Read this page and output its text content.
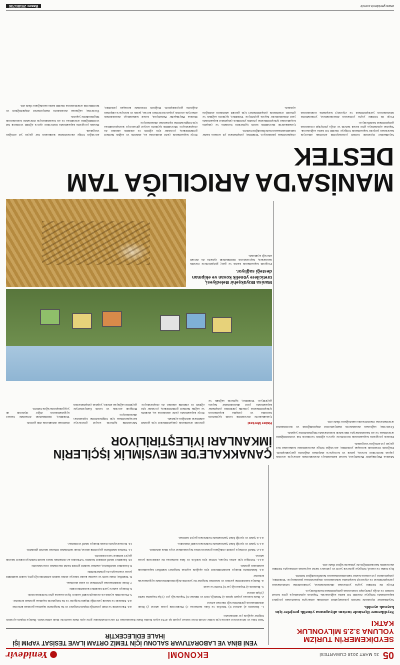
05
31 MART 2018 CUMARTESİ
EKONOMİ
Yenidevir
SEYDİKEMER'İN TURİZM YOLUNA 3.2.5 MİLYONLUK KATKI
Seydikemer ilçesinde turizm altyapısına yönelik projeler için kaynak ayrıldı.

Seydikemer ilçesinde turizm potansiyelini artırmak amacıyla hazırlanan projeler kapsamında bölgeye önemli bir katkı sağlanacak. Yapılan açıklamaya göre kırsal turizm ve doğa yürüyüşü rotalarının geliştirilmesi hedefleniyor.

Proje ile birlikte yayla yollarının düzenlenmesi, yönlendirme tabelalarının yerleştirilmesi ve ziyaretçi karşılama noktalarının oluşturulması planlanıyor. Yetkililer, çalışmaların yıl sonuna kadar tamamlanmasının hedeflendiğini belirtti.

İlçe halkı ve esnaf, bölgeye gelecek yerli ve yabancı turist sayısının artmasıyla birlikte ekonomik hareketliliğin de yükseleceğini ifade etti.

YENİ BİNA VE LABORATUVAR SALONU İÇİN TEMİZ ORTAM İLAVE TESİSAT YAPIM İŞİ İHALE EDİLECEKTİR
Yeni bina ve laboratuvar salonu için temiz ortam ilave tesisat yapım işi 4734 sayılı Kamu İhale Kanununun 19 uncu maddesine göre açık ihale usulü ile ihale edilecektir. İhaleye ilişkin ayrıntılı bilgiler aşağıda yer almaktadır.

1- İdarenin a) Adresi b) Telefon ve faks numarası c) Elektronik posta adresi ç) İhale dokümanının görülebileceği internet adresi

2- İhale konusu yapım işinin a) Niteliği, türü ve miktarı b) Yapılacağı yer c) İşe başlama tarihi ç) İşin süresi

3- İhalenin a) Yapılacağı yer b) Tarihi ve saati

4- İhaleye katılabilme şartları ve istenilen belgeler ile yeterlik değerlendirmesinde uygulanacak kriterler

4.1. İsteklilerin ihaleye katılabilmeleri için aşağıda sayılan belgeleri teklifleri kapsamında sunmaları gerekir.

4.1.1. Tebligat için adres beyanı, irtibat için telefon ve faks numarası ile elektronik posta adresi.

4.1.2. Teklif vermeye yetkili olduğunu gösteren imza beyannamesi veya imza sirküleri.

4.1.3. Şekli ve içeriği İdari Şartnamede belirlenen teklif mektubu.

4.1.4. Şekli ve içeriği İdari Şartnamede belirlenen geçici teminat.

4.2. Ekonomik ve mali yeterliğe ilişkin belgeler ve bu belgelerin taşıması gereken kriterler.

4.3. Mesleki ve teknik yeterliğe ilişkin belgeler ve bu belgelerin taşıması gereken kriterler.

5. Ekonomik açıdan en avantajlı teklif sadece fiyat esasına göre belirlenecektir.

6. İhaleye sadece yerli istekliler katılabilecektir.

7. İhale dokümanının görülmesi ve satın alınması.

8. Teklifler, ihale tarih ve saatine kadar idareye elden teslim edilebileceği gibi, iadeli taahhütlü posta vasıtasıyla da gönderilebilir.

9. İstekliler tekliflerini, anahtar teslimi götürü bedel üzerinden vereceklerdir.

10. İstekliler teklif ettikleri bedelin %3'ünden az olmamak üzere kendi belirleyecekleri tutarda geçici teminat vereceklerdir.

11. Verilen tekliflerin geçerlilik süresi, ihale tarihinden itibaren takvim günüdür.

12. Konsorsiyum olarak ihaleye teklif verilemez.

ÇANAKKALE'DE MEVSİMLİK İŞÇİLERİN İMKANLARI İYİLEŞTİRİLİYOR
Haber Merkezi

Çanakkale'de mevsimlik tarım işçilerinin barınma ve çalışma koşullarının iyileştirilmesine yönelik yürütülen çalışmalar kapsamında yeni düzenlemeler hayata geçiriliyor. Yetkililer, işçilerin sağlıklı ve güvenli ortamlarda çalışabilmeleri için gerekli adımların atıldığını açıkladı.

Proje kapsamında çadır alanlarına su, elektrik ve sağlık hizmeti götürülürken, çocuklar için eğitim ve etkinlik alanları da oluşturuluyor. Mevsimlik işçilerin sosyal güvenceye kavuşturulması için bilgilendirme toplantıları düzenleniyor.

Bölgede arıcılık ve tarım faaliyetleriyle geçimini sağlayan aileler, yapılan çalışmalardan memnun olduklarını dile getirdi.

Yetkililer, önümüzdeki dönemde benzer uygulamaların diğer ilçelerde de yaygınlaştırılacağını belirtti.

Manisa Büyükşehir Belediyesi, kırsal kalkınmayı desteklemek amacıyla arıcılık yapan üreticilere kovan, petek ve koruyucu ekipman dağıtımı gerçekleştirdi. Dağıtım töreninde konuşan yetkililer, arıcılığın bölge ekonomisine katkısının her geçen yıl arttığını vurguladı.

Destek programı kapsamında üreticilere ayrıca eğitim verilerek bal verimliliğinin artırılması ve arı hastalıklarıyla mücadele konularında bilgilendirme yapıldı.

Üreticiler, sağlanan desteklerin maliyetlerini düşürdüğünü ve üretimlerini artırmalarına önemli katkı sunduğunu ifade etti.

Manisa Büyükşehir Belediyesi, üreticilere yönelik kovan ve ekipman desteği sağlıyor.

Program kapsamında kadın ve genç girişimcilere öncelik tanınırken, başvuruların önümüzdeki aylarda da devam edeceği açıklandı.

MANİSA'DA ARICILIĞA TAM DESTEK

Seydikemer ilçesinde turizm potansiyelini artırmak amacıyla hazırlanan projeler kapsamında bölgeye önemli bir katkı sağlanacak. Yapılan açıklamaya göre kırsal turizm ve doğa yürüyüşü rotalarının geliştirilmesi hedefleniyor.

Proje ile birlikte yayla yollarının düzenlenmesi, yönlendirme tabelalarının yerleştirilmesi ve ziyaretçi karşılama noktalarının oluşturulması planlanıyor. Yetkililer, çalışmaların yıl sonuna kadar tamamlanmasının hedeflendiğini belirtti.

Çanakkale'de mevsimlik tarım işçilerinin barınma ve çalışma koşullarının iyileştirilmesine yönelik yürütülen çalışmalar kapsamında yeni düzenlemeler hayata geçiriliyor. Yetkililer, işçilerin sağlıklı ve güvenli ortamlarda çalışabilmeleri için gerekli adımların atıldığını açıkladı.

Proje kapsamında çadır alanlarına su, elektrik ve sağlık hizmeti götürülürken, çocuklar için eğitim ve etkinlik alanları da oluşturuluyor. Mevsimlik işçilerin sosyal güvenceye kavuşturulması için bilgilendirme toplantıları düzenleniyor.

Manisa Büyükşehir Belediyesi, kırsal kalkınmayı desteklemek amacıyla arıcılık yapan üreticilere kovan, petek ve koruyucu ekipman dağıtımı gerçekleştirdi. Dağıtım töreninde konuşan yetkililer, arıcılığın bölge ekonomisine katkısının her geçen yıl arttığını vurguladı.

Destek programı kapsamında üreticilere ayrıca eğitim verilerek bal verimliliğinin artırılması ve arı hastalıklarıyla mücadele konularında bilgilendirme yapıldı.

Üreticiler, sağlanan desteklerin maliyetlerini düşürdüğünü ve üretimlerini artırmalarına önemli katkı sunduğunu ifade etti.

www.yenidevir.com.tr
Basın: 2018/1736
